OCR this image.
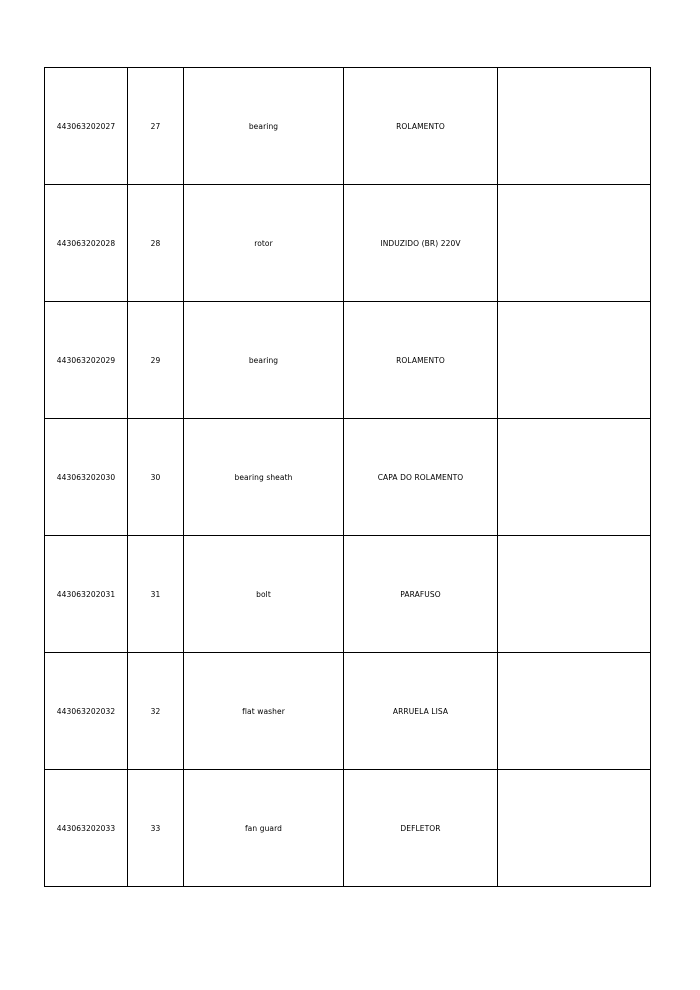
443063202027	27	bearing	ROLAMENTO	
443063202028	28	rotor	INDUZIDO (BR) 220V	
443063202029	29	bearing	ROLAMENTO	
443063202030	30	bearing sheath	CAPA DO ROLAMENTO	
443063202031	31	bolt	PARAFUSO	
443063202032	32	flat washer	ARRUELA LISA	
443063202033	33	fan guard	DEFLETOR	
